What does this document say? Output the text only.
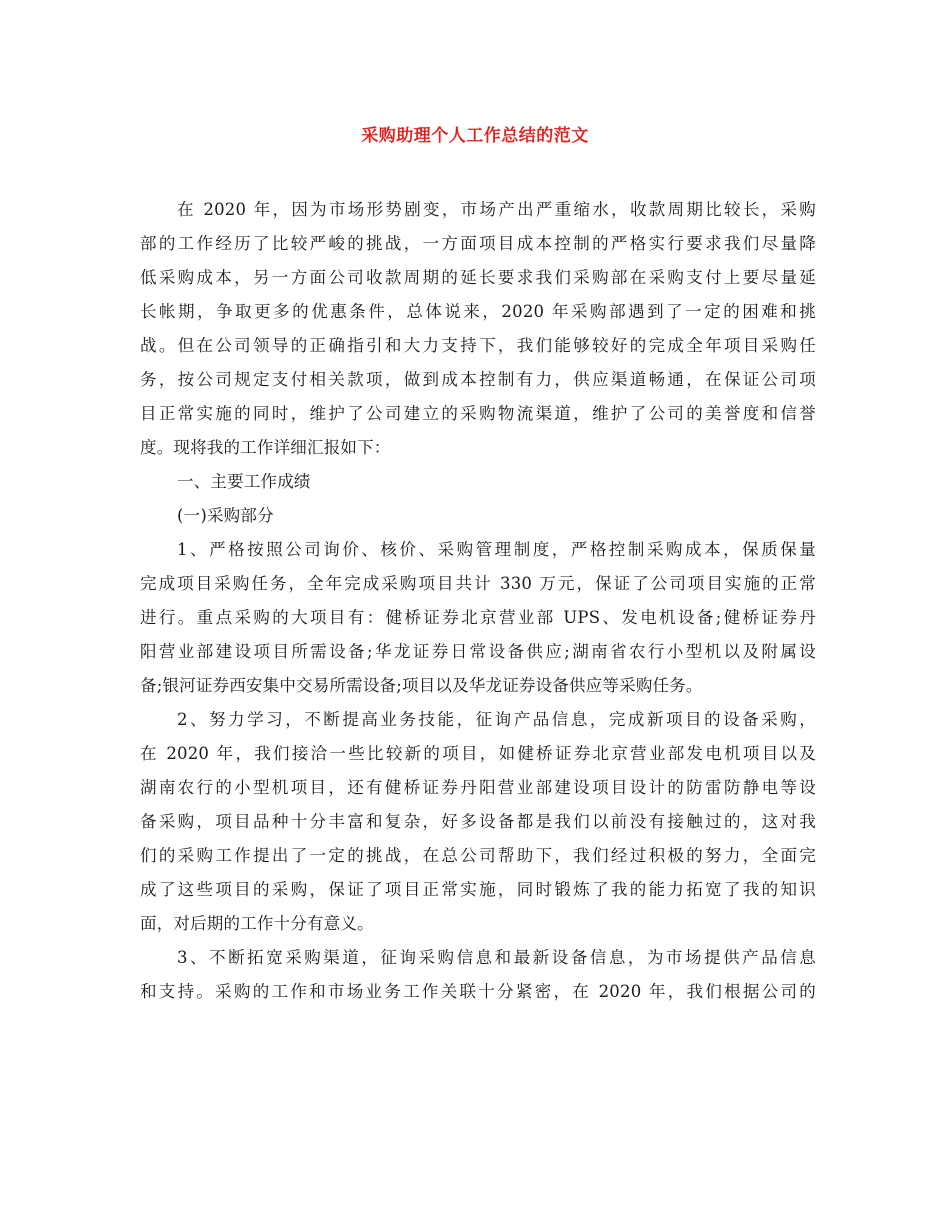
采购助理个人工作总结的范文
在 2020 年，因为市场形势剧变，市场产出严重缩水，收款周期比较长，采购
部的工作经历了比较严峻的挑战，一方面项目成本控制的严格实行要求我们尽量降
低采购成本，另一方面公司收款周期的延长要求我们采购部在采购支付上要尽量延
长帐期，争取更多的优惠条件，总体说来，2020 年采购部遇到了一定的困难和挑
战。但在公司领导的正确指引和大力支持下，我们能够较好的完成全年项目采购任
务，按公司规定支付相关款项，做到成本控制有力，供应渠道畅通，在保证公司项
目正常实施的同时，维护了公司建立的采购物流渠道，维护了公司的美誉度和信誉
度。现将我的工作详细汇报如下：
一、主要工作成绩
(一)采购部分
1、严格按照公司询价、核价、采购管理制度，严格控制采购成本，保质保量
完成项目采购任务，全年完成采购项目共计 330 万元，保证了公司项目实施的正常
进行。重点采购的大项目有：健桥证券北京营业部 UPS、发电机设备;健桥证券丹
阳营业部建设项目所需设备;华龙证券日常设备供应;湖南省农行小型机以及附属设
备;银河证券西安集中交易所需设备;项目以及华龙证券设备供应等采购任务。
2、努力学习，不断提高业务技能，征询产品信息，完成新项目的设备采购，
在 2020 年，我们接洽一些比较新的项目，如健桥证券北京营业部发电机项目以及
湖南农行的小型机项目，还有健桥证券丹阳营业部建设项目设计的防雷防静电等设
备采购，项目品种十分丰富和复杂，好多设备都是我们以前没有接触过的，这对我
们的采购工作提出了一定的挑战，在总公司帮助下，我们经过积极的努力，全面完
成了这些项目的采购，保证了项目正常实施，同时锻炼了我的能力拓宽了我的知识
面，对后期的工作十分有意义。
3、不断拓宽采购渠道，征询采购信息和最新设备信息，为市场提供产品信息
和支持。采购的工作和市场业务工作关联十分紧密，在 2020 年，我们根据公司的
